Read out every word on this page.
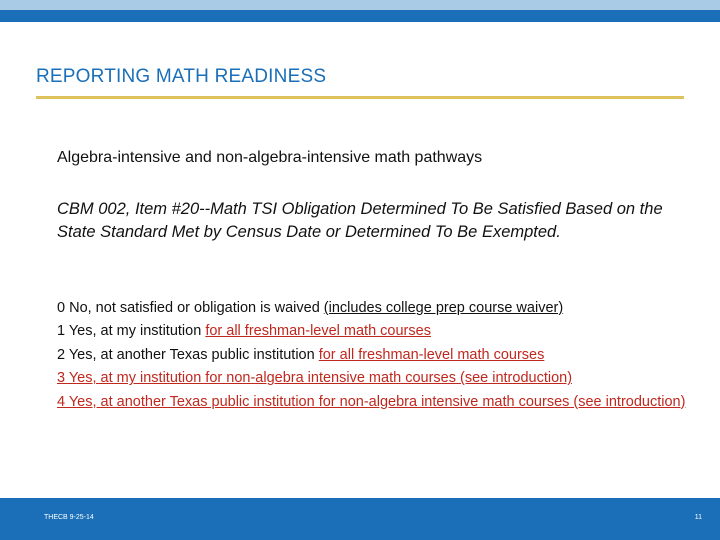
REPORTING MATH READINESS
Algebra-intensive and non-algebra-intensive math pathways
CBM 002, Item #20--Math TSI Obligation Determined To Be Satisfied Based on the State Standard Met by Census Date or Determined To Be Exempted.
0 No, not satisfied or obligation is waived (includes college prep course waiver)
1 Yes, at my institution for all freshman-level math courses
2 Yes, at another Texas public institution for all freshman-level math courses
3 Yes, at my institution for non-algebra intensive math courses (see introduction)
4 Yes, at another Texas public institution for non-algebra intensive math courses (see introduction)
THECB 9-25-14	11
